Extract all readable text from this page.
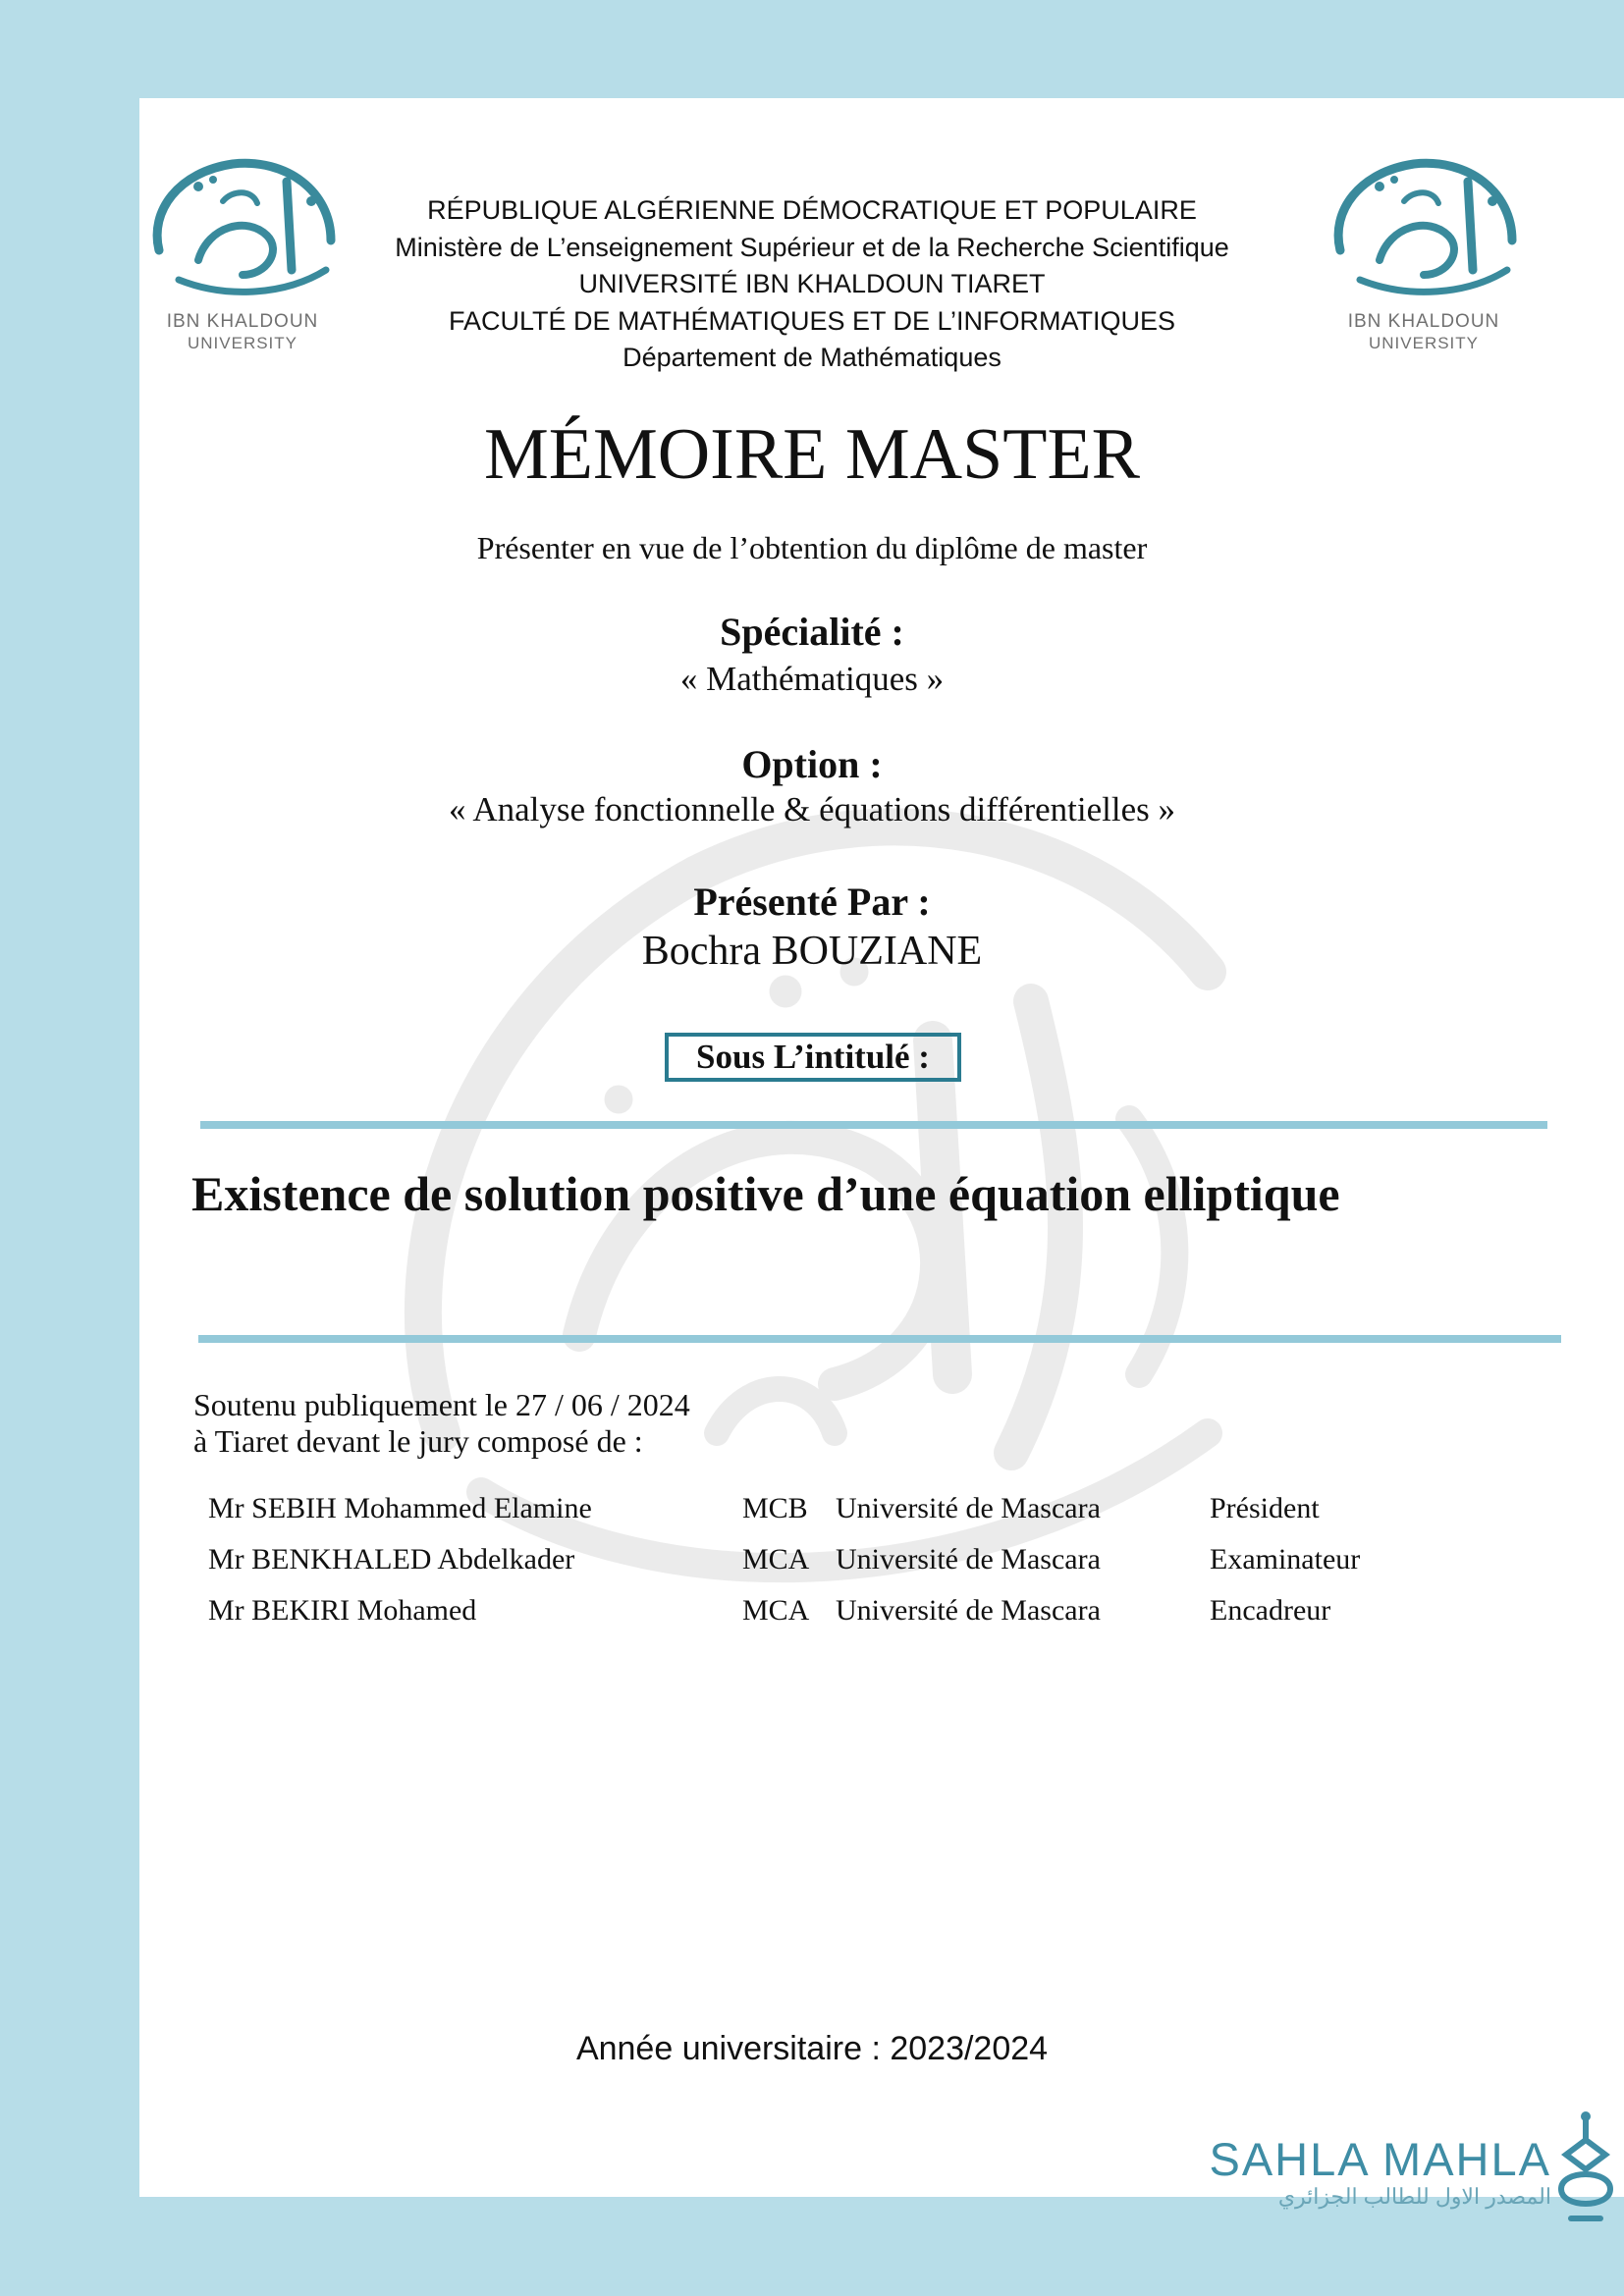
IBN KHALDOUN
UNIVERSITY
IBN KHALDOUN
UNIVERSITY
RÉPUBLIQUE ALGÉRIENNE DÉMOCRATIQUE ET POPULAIRE
Ministère de L’enseignement Supérieur et de la Recherche Scientifique
UNIVERSITÉ IBN KHALDOUN TIARET
FACULTÉ DE MATHÉMATIQUES ET DE L’INFORMATIQUES
Département de Mathématiques
MÉMOIRE MASTER
Présenter en vue de l’obtention du diplôme de master
Spécialité :
« Mathématiques »
Option :
« Analyse fonctionnelle & équations différentielles »
Présenté Par :
Bochra BOUZIANE
Sous L’intitulé :
Existence de solution positive d’une équation elliptique
Soutenu publiquement le 27 / 06 / 2024
à Tiaret devant le jury composé de :
Mr SEBIH Mohammed Elamine	MCB Université de Mascara	Président
Mr BENKHALED Abdelkader	MCA Université de Mascara	Examinateur
Mr BEKIRI Mohamed	MCA Université de Mascara	Encadreur
Année universitaire : 2023/2024
SAHLA MAHLA
المصدر الاول للطالب الجزائري
